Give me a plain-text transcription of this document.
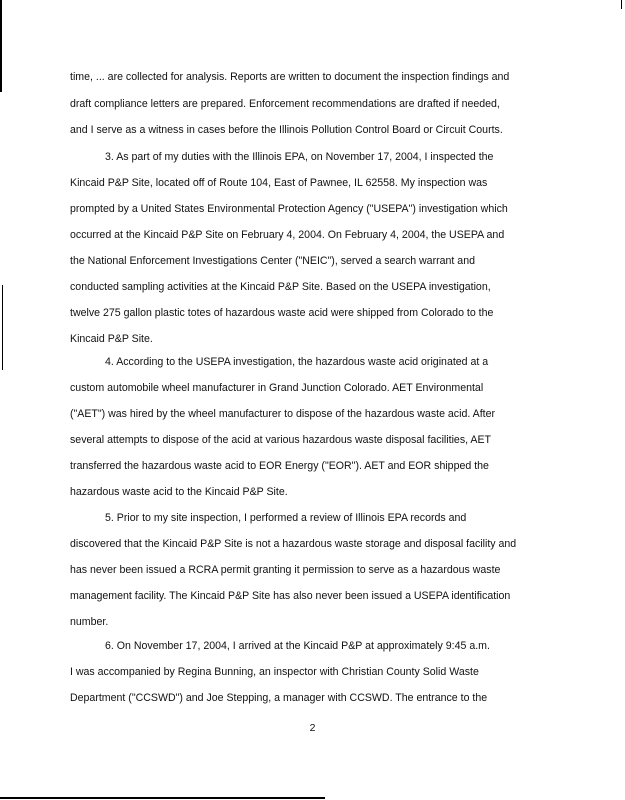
time, ... are collected for analysis. Reports are written to document the inspection findings and
draft compliance letters are prepared. Enforcement recommendations are drafted if needed,
and I serve as a witness in cases before the Illinois Pollution Control Board or Circuit Courts.
3. As part of my duties with the Illinois EPA, on November 17, 2004, I inspected the
Kincaid P&P Site, located off of Route 104, East of Pawnee, IL 62558. My inspection was
prompted by a United States Environmental Protection Agency ("USEPA") investigation which
occurred at the Kincaid P&P Site on February 4, 2004. On February 4, 2004, the USEPA and
the National Enforcement Investigations Center ("NEIC"), served a search warrant and
conducted sampling activities at the Kincaid P&P Site. Based on the USEPA investigation,
twelve 275 gallon plastic totes of hazardous waste acid were shipped from Colorado to the
Kincaid P&P Site.
4. According to the USEPA investigation, the hazardous waste acid originated at a
custom automobile wheel manufacturer in Grand Junction Colorado. AET Environmental
("AET") was hired by the wheel manufacturer to dispose of the hazardous waste acid. After
several attempts to dispose of the acid at various hazardous waste disposal facilities, AET
transferred the hazardous waste acid to EOR Energy ("EOR"). AET and EOR shipped the
hazardous waste acid to the Kincaid P&P Site.
5. Prior to my site inspection, I performed a review of Illinois EPA records and
discovered that the Kincaid P&P Site is not a hazardous waste storage and disposal facility and
has never been issued a RCRA permit granting it permission to serve as a hazardous waste
management facility. The Kincaid P&P Site has also never been issued a USEPA identification
number.
6. On November 17, 2004, I arrived at the Kincaid P&P at approximately 9:45 a.m.
I was accompanied by Regina Bunning, an inspector with Christian County Solid Waste
Department ("CCSWD") and Joe Stepping, a manager with CCSWD. The entrance to the
2
